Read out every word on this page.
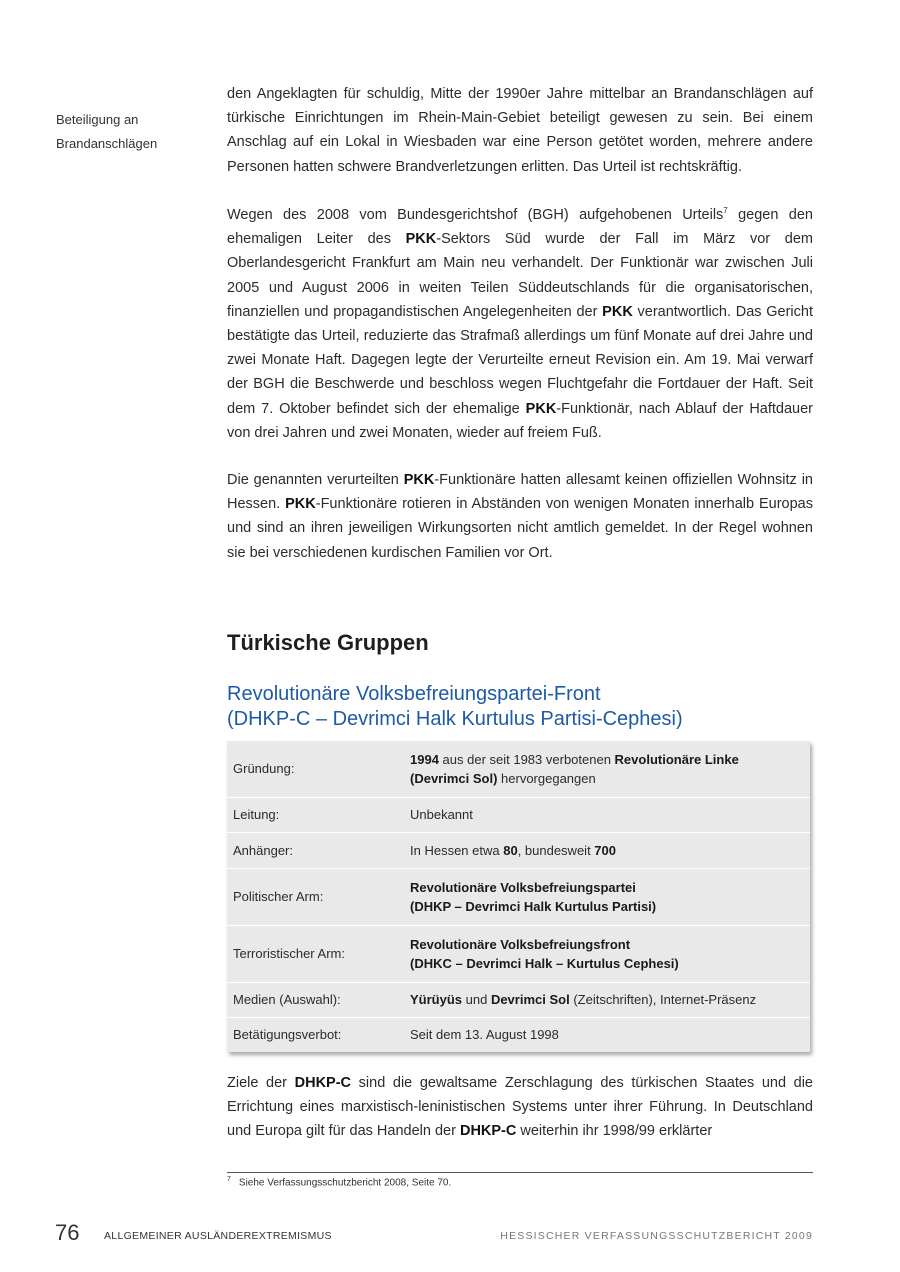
Beteiligung an
Brandanschlägen

den Angeklagten für schuldig, Mitte der 1990er Jahre mittelbar an Brandanschlägen auf türkische Einrichtungen im Rhein-Main-Gebiet beteiligt gewesen zu sein. Bei einem Anschlag auf ein Lokal in Wiesbaden war eine Person getötet worden, mehrere andere Personen hatten schwere Brandverletzungen erlitten. Das Urteil ist rechtskräftig.

Wegen des 2008 vom Bundesgerichtshof (BGH) aufgehobenen Urteils$^7$ gegen den ehemaligen Leiter des PKK-Sektors Süd wurde der Fall im März vor dem Oberlandesgericht Frankfurt am Main neu verhandelt. Der Funktionär war zwischen Juli 2005 und August 2006 in weiten Teilen Süddeutschlands für die organisatorischen, finanziellen und propagandistischen Angelegenheiten der PKK verantwortlich. Das Gericht bestätigte das Urteil, reduzierte das Strafmaß allerdings um fünf Monate auf drei Jahre und zwei Monate Haft. Dagegen legte der Verurteilte erneut Revision ein. Am 19. Mai verwarf der BGH die Beschwerde und beschloss wegen Fluchtgefahr die Fortdauer der Haft. Seit dem 7. Oktober befindet sich der ehemalige PKK-Funktionär, nach Ablauf der Haftdauer von drei Jahren und zwei Monaten, wieder auf freiem Fuß.

Die genannten verurteilten PKK-Funktionäre hatten allesamt keinen offiziellen Wohnsitz in Hessen. PKK-Funktionäre rotieren in Abständen von wenigen Monaten innerhalb Europas und sind an ihren jeweiligen Wirkungsorten nicht amtlich gemeldet. In der Regel wohnen sie bei verschiedenen kurdischen Familien vor Ort.

Türkische Gruppen
Revolutionäre Volksbefreiungspartei-Front
(DHKP-C – Devrimci Halk Kurtulus Partisi-Cephesi)
Gründung:	1994 aus der seit 1983 verbotenen Revolutionäre Linke
(Devrimci Sol) hervorgegangen
Leitung:	Unbekannt
Anhänger:	In Hessen etwa 80, bundesweit 700
Politischer Arm:	Revolutionäre Volksbefreiungspartei
(DHKP – Devrimci Halk Kurtulus Partisi)
Terroristischer Arm:	Revolutionäre Volksbefreiungsfront
(DHKC – Devrimci Halk – Kurtulus Cephesi)
Medien (Auswahl):	Yürüyüs und Devrimci Sol (Zeitschriften), Internet-Präsenz
Betätigungsverbot:	Seit dem 13. August 1998

Ziele der DHKP-C sind die gewaltsame Zerschlagung des türkischen Staates und die Errichtung eines marxistisch-leninistischen Systems unter ihrer Führung. In Deutschland und Europa gilt für das Handeln der DHKP-C weiterhin ihr 1998/99 erklärter

$^7$ Siehe Verfassungsschutzbericht 2008, Seite 70.
76 ALLGEMEINER AUSLÄNDEREXTREMISMUS	HESSISCHER VERFASSUNGSSCHUTZBERICHT 2009
